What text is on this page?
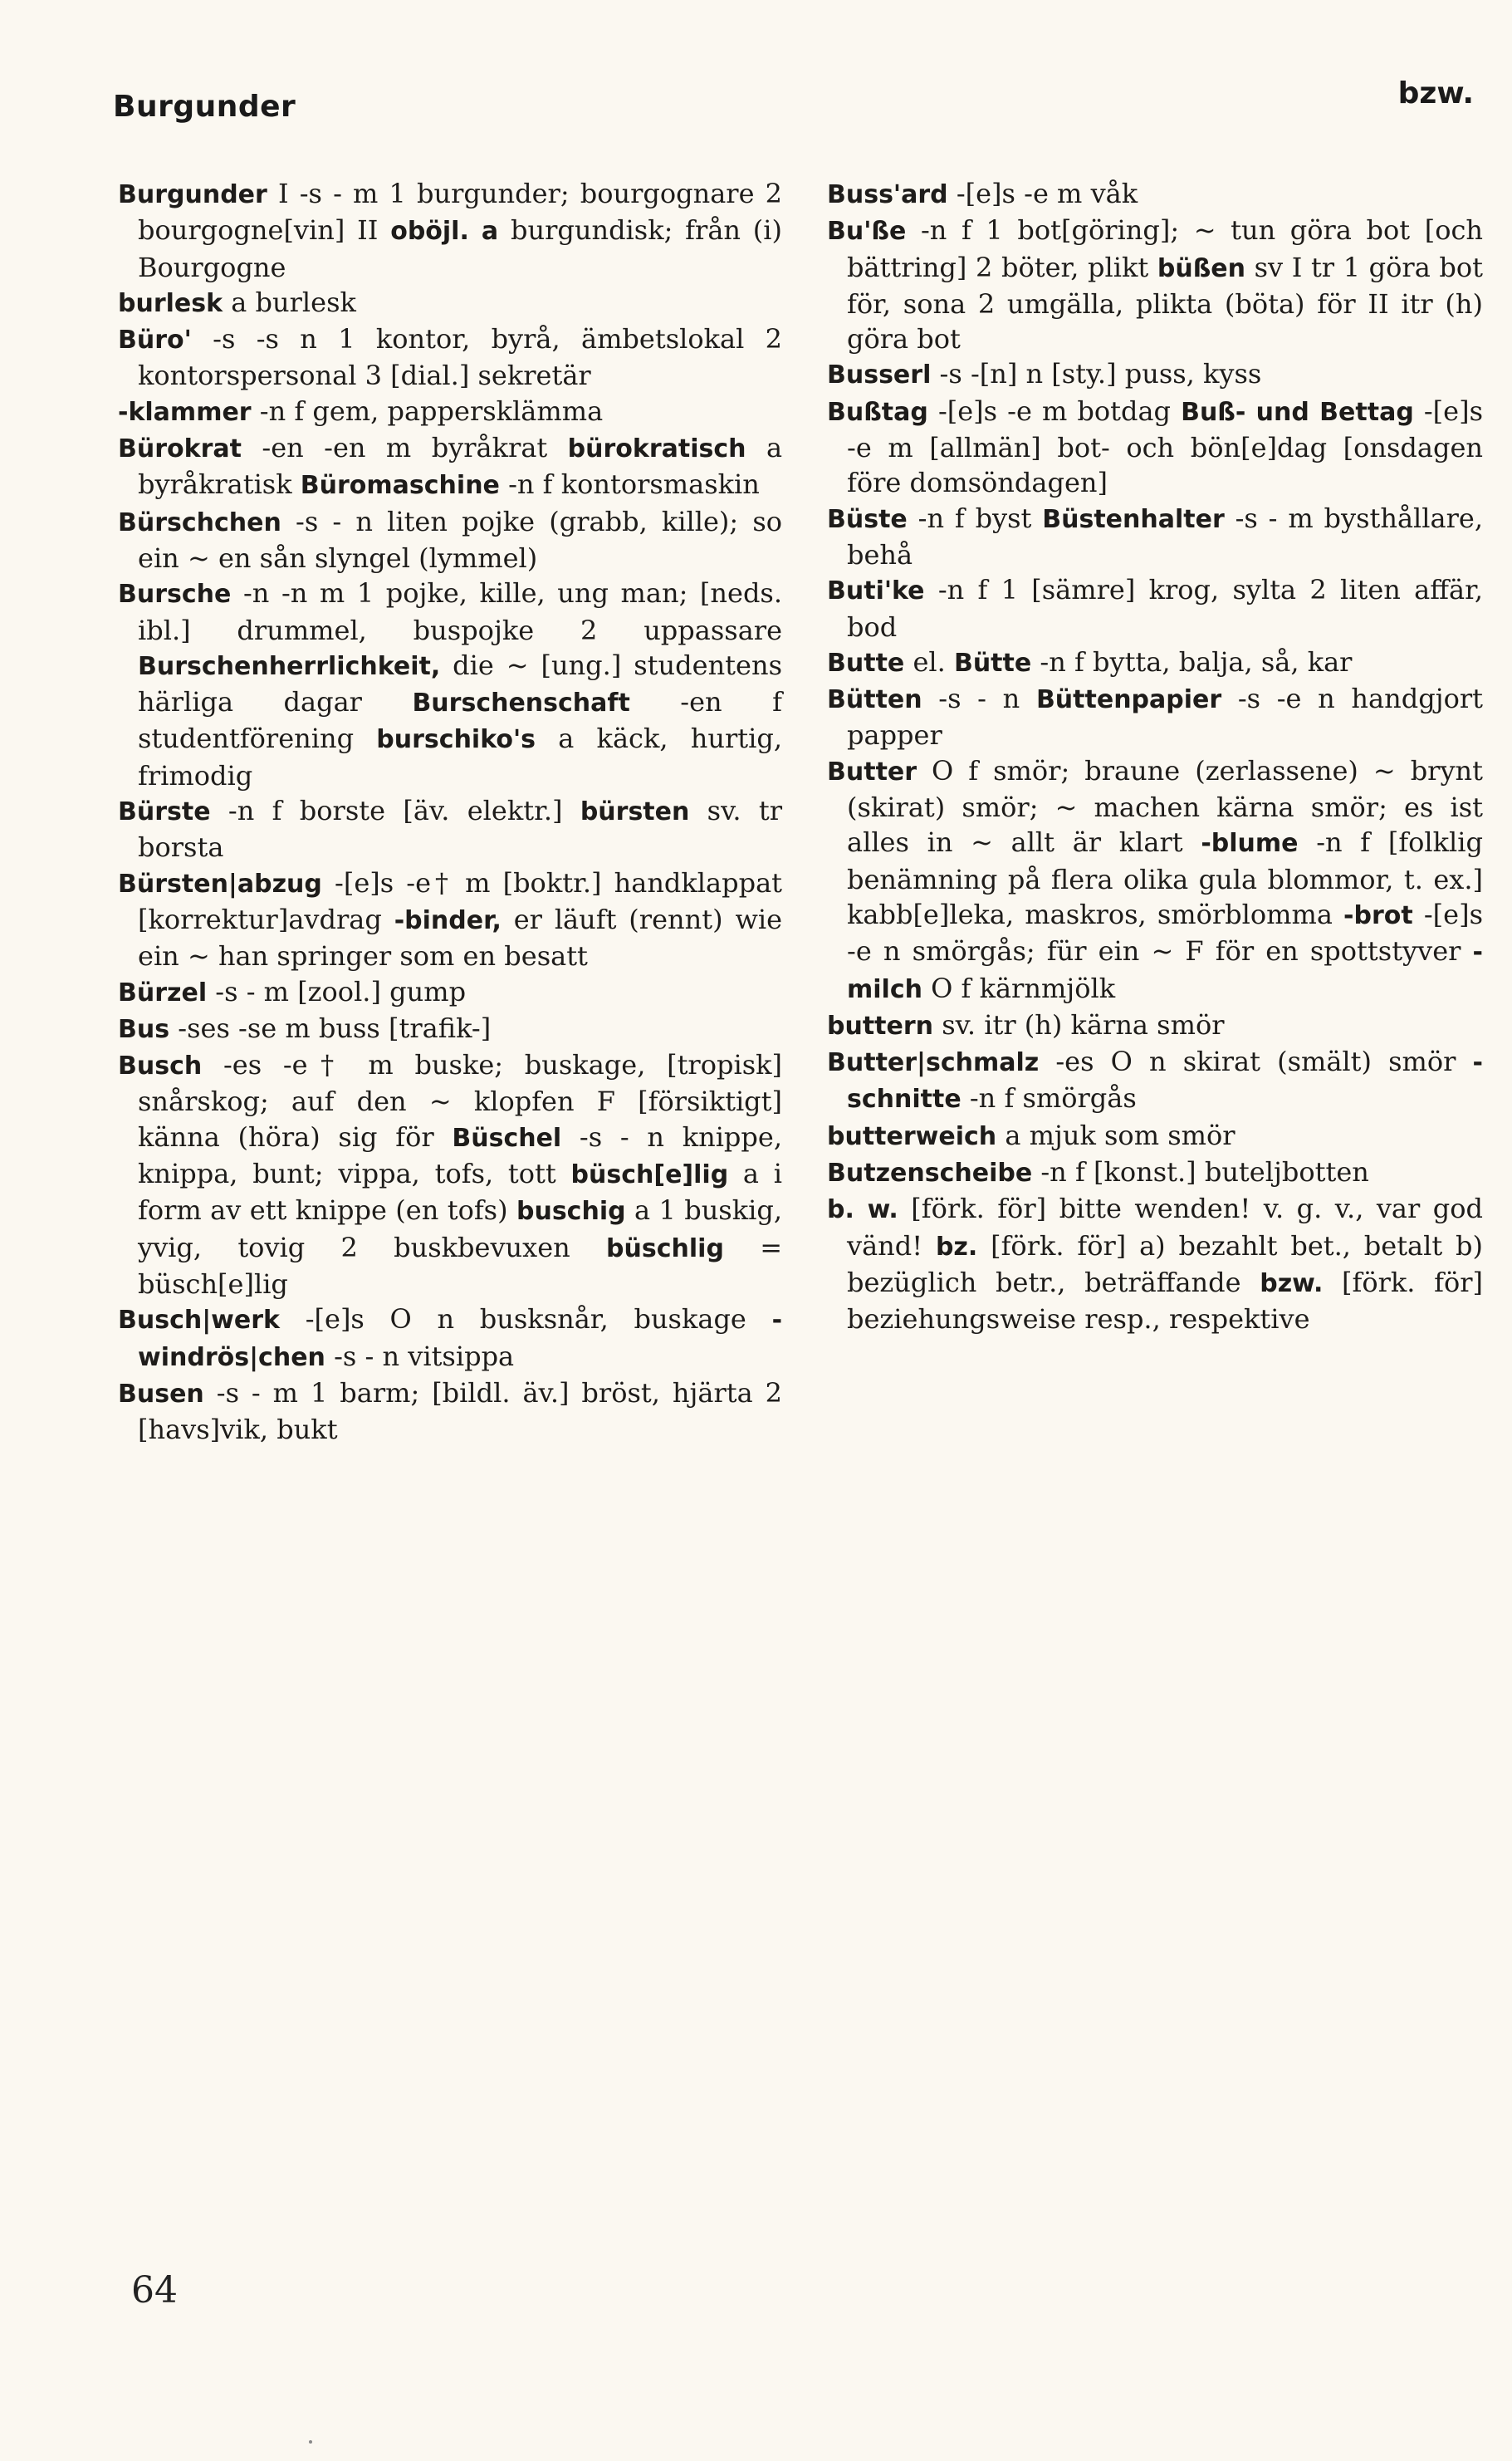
Burgunder	bzw.

Burgunder I -s - m 1 burgunder; bourgognare 2 bourgogne[vin] II oböjl. a burgundisk; från (i) Bourgogne

burlesk a burlesk

Büro' -s -s n 1 kontor, byrå, ämbetslokal 2 kontorspersonal 3 [dial.] sekretär

-klammer -n f gem, pappersklämma

Bürokrat -en -en m byråkrat bürokratisch a byråkratisk Büromaschine -n f kontorsmaskin

Bürschchen -s - n liten pojke (grabb, kille); so ein ~ en sån slyngel (lymmel)

Bursche -n -n m 1 pojke, kille, ung man; [neds. ibl.] drummel, buspojke 2 uppassare Burschenherrlichkeit, die ~ [ung.] studentens härliga dagar Burschenschaft -en f studentförening burschiko's a käck, hurtig, frimodig

Bürste -n f borste [äv. elektr.] bürsten sv. tr borsta

Bürsten|abzug -[e]s -e† m [boktr.] handklappat [korrektur]avdrag -binder, er läuft (rennt) wie ein ~ han springer som en besatt

Bürzel -s - m [zool.] gump

Bus -ses -se m buss [trafik-]

Busch -es -e† m buske; buskage, [tropisk] snårskog; auf den ~ klopfen F [försiktigt] känna (höra) sig för Büschel -s - n knippe, knippa, bunt; vippa, tofs, tott büsch[e]lig a i form av ett knippe (en tofs) buschig a 1 buskig, yvig, tovig 2 buskbevuxen büschlig = büsch[e]lig

Busch|werk -[e]s O n busksnår, buskage -windrös|chen -s - n vitsippa

Busen -s - m 1 barm; [bildl. äv.] bröst, hjärta 2 [havs]vik, bukt

Buss'ard -[e]s -e m våk

Bu'ße -n f 1 bot[göring]; ~ tun göra bot [och bättring] 2 böter, plikt büßen sv I tr 1 göra bot för, sona 2 umgälla, plikta (böta) för II itr (h) göra bot

Busserl -s -[n] n [sty.] puss, kyss

Bußtag -[e]s -e m botdag Buß- und Bettag -[e]s -e m [allmän] bot- och bön[e]dag [onsdagen före domsöndagen]

Büste -n f byst Büstenhalter -s - m bysthållare, behå

Buti'ke -n f 1 [sämre] krog, sylta 2 liten affär, bod

Butte el. Bütte -n f bytta, balja, så, kar

Bütten -s - n Büttenpapier -s -e n handgjort papper

Butter O f smör; braune (zerlassene) ~ brynt (skirat) smör; ~ machen kärna smör; es ist alles in ~ allt är klart -blume -n f [folklig benämning på flera olika gula blommor, t. ex.] kabb[e]leka, maskros, smörblomma -brot -[e]s -e n smörgås; für ein ~ F för en spottstyver -milch O f kärnmjölk

buttern sv. itr (h) kärna smör

Butter|schmalz -es O n skirat (smält) smör -schnitte -n f smörgås

butterweich a mjuk som smör

Butzenscheibe -n f [konst.] buteljbotten

b. w. [förk. för] bitte wenden! v. g. v., var god vänd! bz. [förk. för] a) bezahlt bet., betalt b) bezüglich betr., beträffande bzw. [förk. för] beziehungsweise resp., respektive

64
